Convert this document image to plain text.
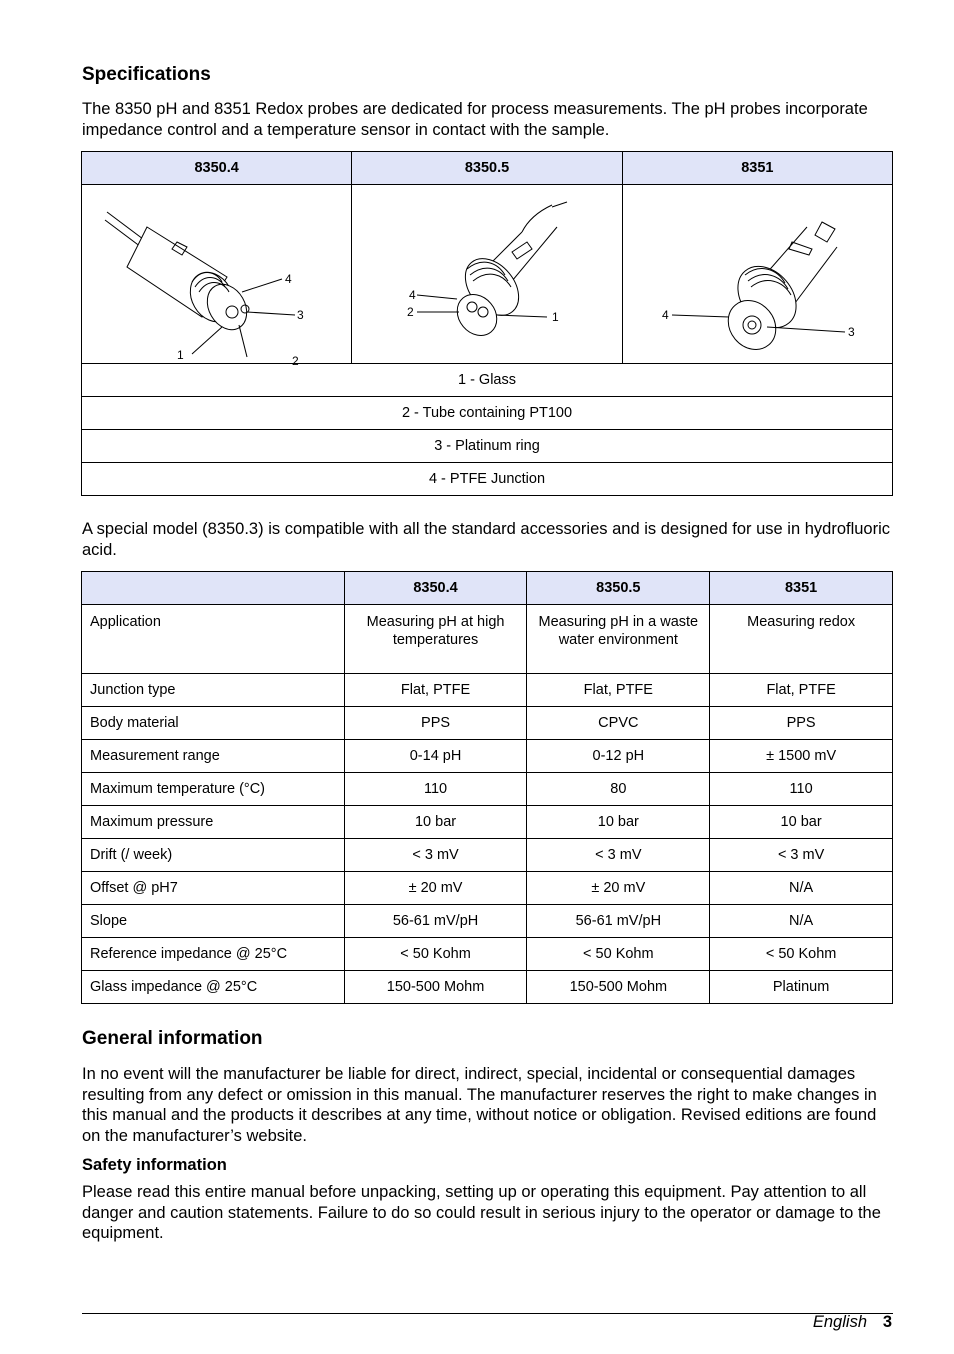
Specifications
The 8350 pH and 8351 Redox probes are dedicated for process measurements. The pH probes incorporate impedance control and a temperature sensor in contact with the sample.
8350.4	8350.5	8351

4
3
1 2	4
2 1	4
3

1 - Glass		
2 - Tube containing PT100		
3 - Platinum ring		
4 - PTFE Junction		
A special model (8350.3) is compatible with all the standard accessories and is designed for use in hydrofluoric acid.
	8350.4	8350.5	8351
Application	Measuring pH at high temperatures	Measuring pH in a waste water environment	Measuring redox
Junction type	Flat, PTFE	Flat, PTFE	Flat, PTFE
Body material	PPS	CPVC	PPS
Measurement range	0-14 pH	0-12 pH	± 1500 mV
Maximum temperature (°C)	110	80	110
Maximum pressure	10 bar	10 bar	10 bar
Drift (/ week)	< 3 mV	< 3 mV	< 3 mV
Offset @ pH7	± 20 mV	± 20 mV	N/A
Slope	56-61 mV/pH	56-61 mV/pH	N/A
Reference impedance @ 25°C	< 50 Kohm	< 50 Kohm	< 50 Kohm
Glass impedance @ 25°C	150-500 Mohm	150-500 Mohm	Platinum
General information
In no event will the manufacturer be liable for direct, indirect, special, incidental or consequential damages resulting from any defect or omission in this manual. The manufacturer reserves the right to make changes in this manual and the products it describes at any time, without notice or obligation. Revised editions are found on the manufacturer’s website.
Safety information
Please read this entire manual before unpacking, setting up or operating this equipment. Pay attention to all danger and caution statements. Failure to do so could result in serious injury to the operator or damage to the equipment.
English 3
